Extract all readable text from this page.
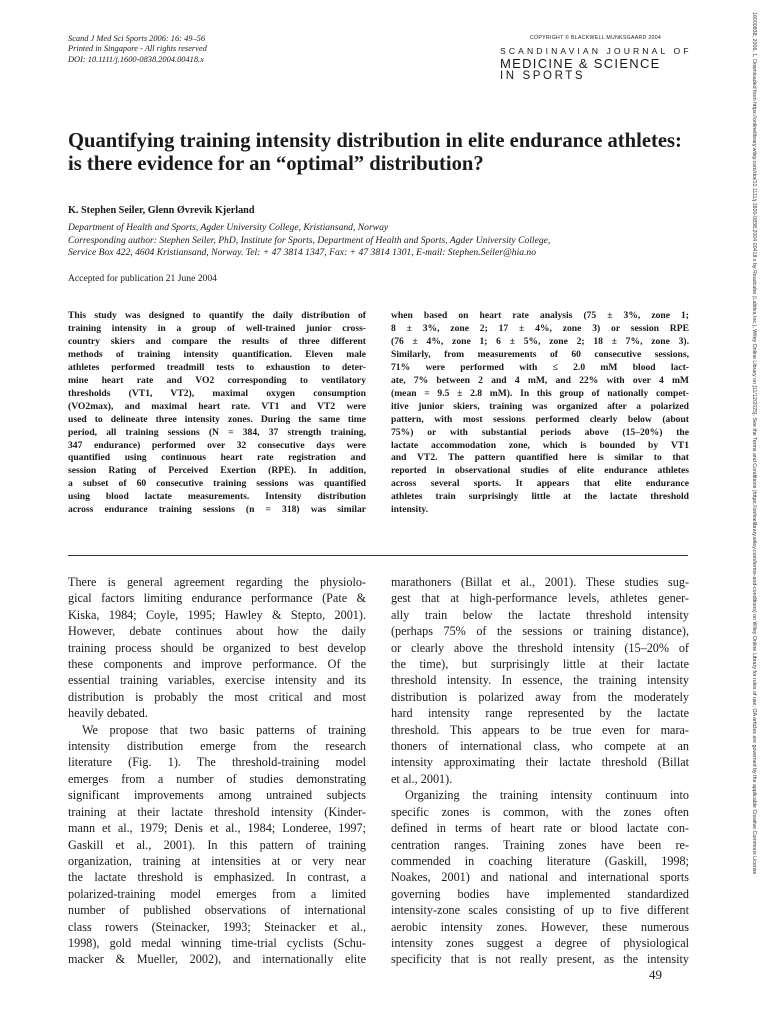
Scand J Med Sci Sports 2006: 16: 49–56
Printed in Singapore - All rights reserved
DOI: 10.1111/j.1600-0838.2004.00418.x
COPYRIGHT © BLACKWELL MUNKSGAARD 2004
SCANDINAVIAN JOURNAL OF
MEDICINE & SCIENCE
IN SPORTS
Quantifying training intensity distribution in elite endurance athletes:
is there evidence for an “optimal” distribution?
K. Stephen Seiler, Glenn Øvrevik Kjerland
Department of Health and Sports, Agder University College, Kristiansand, Norway
Corresponding author: Stephen Seiler, PhD, Institute for Sports, Department of Health and Sports, Agder University College,
Service Box 422, 4604 Kristiansand, Norway. Tel: + 47 3814 1347, Fax: + 47 3814 1301, E-mail: Stephen.Seiler@hia.no
Accepted for publication 21 June 2004
This study was designed to quantify the daily distribution of
training intensity in a group of well-trained junior cross-
country skiers and compare the results of three different
methods of training intensity quantification. Eleven male
athletes performed treadmill tests to exhaustion to deter-
mine heart rate and VO2 corresponding to ventilatory
thresholds (VT1, VT2), maximal oxygen consumption
(VO2max), and maximal heart rate. VT1 and VT2 were
used to delineate three intensity zones. During the same time
period, all training sessions (N = 384, 37 strength training,
347 endurance) performed over 32 consecutive days were
quantified using continuous heart rate registration and
session Rating of Perceived Exertion (RPE). In addition,
a subset of 60 consecutive training sessions was quantified
using blood lactate measurements. Intensity distribution
across endurance training sessions (n = 318) was similar
when based on heart rate analysis (75 ± 3%, zone 1;
8 ± 3%, zone 2; 17 ± 4%, zone 3) or session RPE
(76 ± 4%, zone 1; 6 ± 5%, zone 2; 18 ± 7%, zone 3).
Similarly, from measurements of 60 consecutive sessions,
71% were performed with ≤ 2.0 mM blood lact-
ate, 7% between 2 and 4 mM, and 22% with over 4 mM
(mean = 9.5 ± 2.8 mM). In this group of nationally compet-
itive junior skiers, training was organized after a polarized
pattern, with most sessions performed clearly below (about
75%) or with substantial periods above (15–20%) the
lactate accommodation zone, which is bounded by VT1
and VT2. The pattern quantified here is similar to that
reported in observational studies of elite endurance athletes
across several sports. It appears that elite endurance
athletes train surprisingly little at the lactate threshold
intensity.
There is general agreement regarding the physiolo-
gical factors limiting endurance performance (Pate &
Kiska, 1984; Coyle, 1995; Hawley & Stepto, 2001).
However, debate continues about how the daily
training process should be organized to best develop
these components and improve performance. Of the
essential training variables, exercise intensity and its
distribution is probably the most critical and most
heavily debated.
We propose that two basic patterns of training
intensity distribution emerge from the research
literature (Fig. 1). The threshold-training model
emerges from a number of studies demonstrating
significant improvements among untrained subjects
training at their lactate threshold intensity (Kinder-
mann et al., 1979; Denis et al., 1984; Londeree, 1997;
Gaskill et al., 2001). In this pattern of training
organization, training at intensities at or very near
the lactate threshold is emphasized. In contrast, a
polarized-training model emerges from a limited
number of published observations of international
class rowers (Steinacker, 1993; Steinacker et al.,
1998), gold medal winning time-trial cyclists (Schu-
macker & Mueller, 2002), and internationally elite
marathoners (Billat et al., 2001). These studies sug-
gest that at high-performance levels, athletes gener-
ally train below the lactate threshold intensity
(perhaps 75% of the sessions or training distance),
or clearly above the threshold intensity (15–20% of
the time), but surprisingly little at their lactate
threshold intensity. In essence, the training intensity
distribution is polarized away from the moderately
hard intensity range represented by the lactate
threshold. This appears to be true even for mara-
thoners of international class, who compete at an
intensity approximating their lactate threshold (Billat
et al., 2001).
Organizing the training intensity continuum into
specific zones is common, with the zones often
defined in terms of heart rate or blood lactate con-
centration ranges. Training zones have been re-
commended in coaching literature (Gaskill, 1998;
Noakes, 2001) and national and international sports
governing bodies have implemented standardized
intensity-zone scales consisting of up to five different
aerobic intensity zones. However, these numerous
intensity zones suggest a degree of physiological
specificity that is not really present, as the intensity
49
16000838, 2006, 1, Downloaded from https://onlinelibrary.wiley.com/doi/10.1111/j.1600-0838.2004.00418.x by Readcube (Labtiva Inc.), Wiley Online Library on [11/12/2025]. See the Terms and Conditions (https://onlinelibrary.wiley.com/terms-and-conditions) on Wiley Online Library for rules of use; OA articles are governed by the applicable Creative Commons License
